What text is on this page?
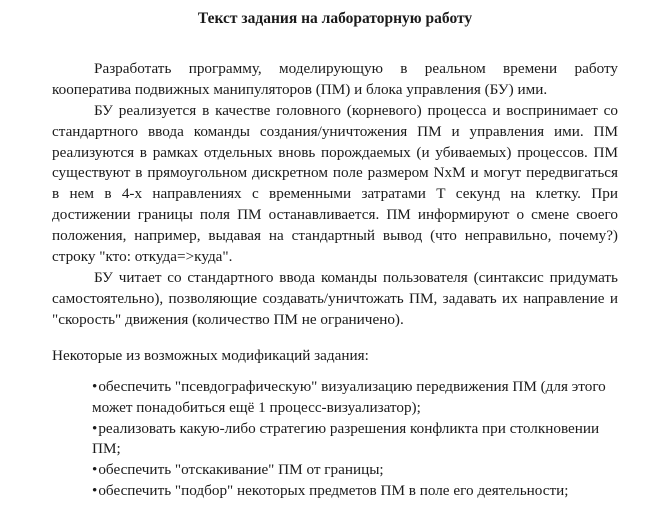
Текст задания на лабораторную работу

Разработать программу, моделирующую в реальном времени работу кооператива подвижных манипуляторов (ПМ) и блока управления (БУ) ими.

БУ реализуется в качестве головного (корневого) процесса и воспринимает со стандартного ввода команды создания/уничтожения ПМ и управления ими. ПМ реализуются в рамках отдельных вновь порождаемых (и убиваемых) процессов. ПМ существуют в прямоугольном дискретном поле размером NxM и могут передвигаться в нем в 4-х направлениях с временными затратами Т секунд на клетку. При достижении границы поля ПМ останавливается. ПМ информируют о смене своего положения, например, выдавая на стандартный вывод (что неправильно, почему?) строку "кто: откуда=>куда".

БУ читает со стандартного ввода команды пользователя (синтаксис придумать самостоятельно), позволяющие создавать/уничтожать ПМ, задавать их направление и "скорость" движения (количество ПМ не ограничено).

Некоторые из возможных модификаций задания:

•обеспечить "псевдографическую" визуализацию передвижения ПМ (для этого может понадобиться ещё 1 процесс-визуализатор);
•реализовать какую-либо стратегию разрешения конфликта при столкновении ПМ;
•обеспечить "отскакивание" ПМ от границы;
•обеспечить "подбор" некоторых предметов ПМ в поле его деятельности;
